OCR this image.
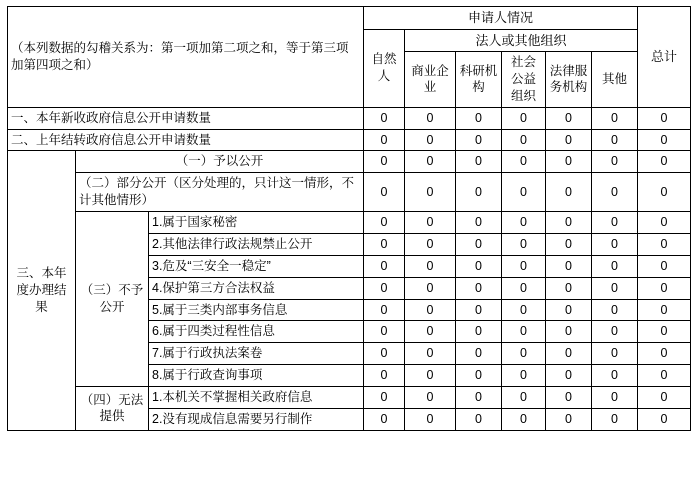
（本列数据的勾稽关系为：第一项加第二项之和，等于第三项加第四项之和）			申请人情况						总计
			自然人	法人或其他组织					
				商业企业	科研机构	社会公益组织	法律服务机构	其他	
一、本年新收政府信息公开申请数量			0	0	0	0	0	0	0
二、上年结转政府信息公开申请数量			0	0	0	0	0	0	0
三、本年度办理结果	（一）予以公开		0	0	0	0	0	0	0
	（二）部分公开（区分处理的，只计这一情形，不计其他情形）		0	0	0	0	0	0	0
	（三）不予公开	1.属于国家秘密	0	0	0	0	0	0	0
		2.其他法律行政法规禁止公开	0	0	0	0	0	0	0
		3.危及“三安全一稳定”	0	0	0	0	0	0	0
		4.保护第三方合法权益	0	0	0	0	0	0	0
		5.属于三类内部事务信息	0	0	0	0	0	0	0
		6.属于四类过程性信息	0	0	0	0	0	0	0
		7.属于行政执法案卷	0	0	0	0	0	0	0
		8.属于行政查询事项	0	0	0	0	0	0	0
	（四）无法提供	1.本机关不掌握相关政府信息	0	0	0	0	0	0	0
		2.没有现成信息需要另行制作	0	0	0	0	0	0	0
